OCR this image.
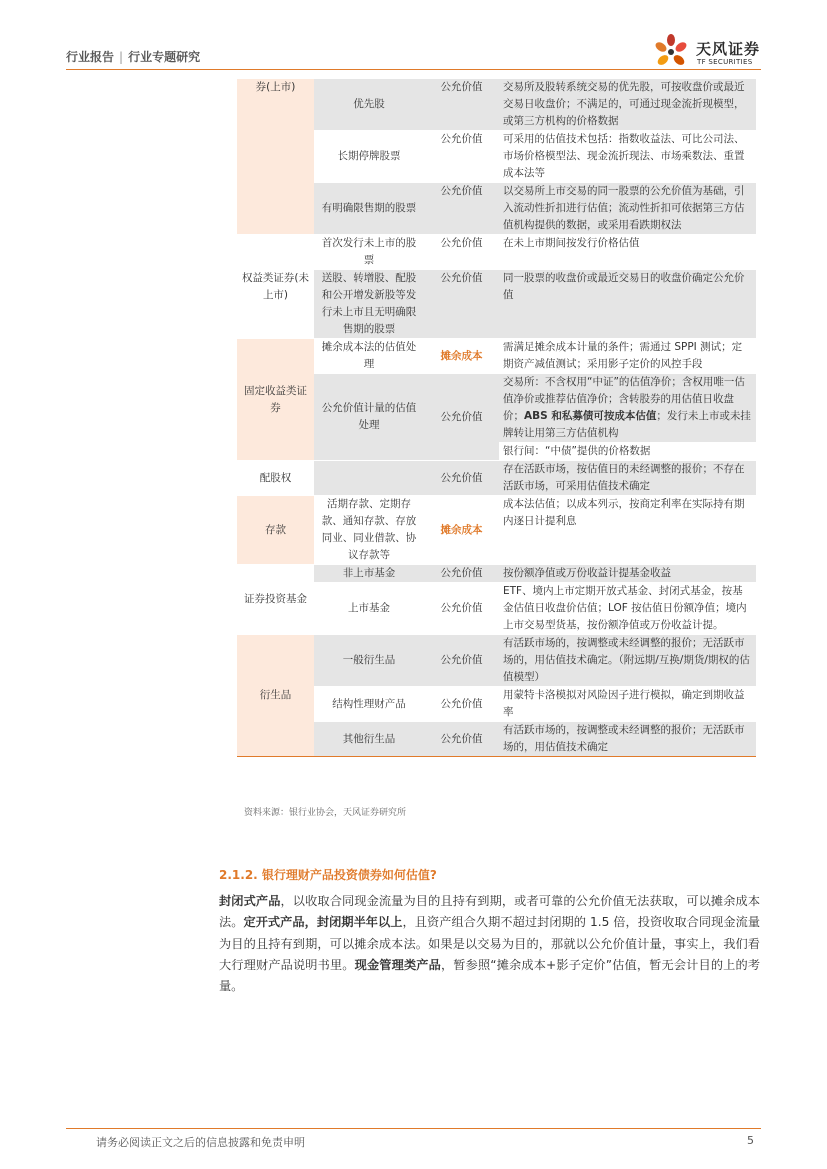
行业报告 | 行业专题研究	天风证券
TF SECURITIES
券(上市)	优先股	公允价值	交易所及股转系统交易的优先股，可按收盘价或最近交易日收盘价；不满足的，可通过现金流折现模型，或第三方机构的价格数据
	长期停牌股票	公允价值	可采用的估值技术包括：指数收益法、可比公司法、市场价格模型法、现金流折现法、市场乘数法、重置成本法等
	有明确限售期的股票	公允价值	以交易所上市交易的同一股票的公允价值为基础，引入流动性折扣进行估值；流动性折扣可依据第三方估值机构提供的数据，或采用看跌期权法
权益类证券(未上市)	首次发行未上市的股票	公允价值	在未上市期间按发行价格估值
	送股、转增股、配股和公开增发新股等发行未上市且无明确限售期的股票	公允价值	同一股票的收盘价或最近交易日的收盘价确定公允价值
固定收益类证券	摊余成本法的估值处理	摊余成本	需满足摊余成本计量的条件；需通过 SPPI 测试；定期资产减值测试；采用影子定价的风控手段
	公允价值计量的估值处理	公允价值	交易所：不含权用“中证”的估值净价；含权用唯一估值净价或推荐估值净价；含转股券的用估值日收盘价；ABS 和私募债可按成本估值；发行未上市或未挂牌转让用第三方估值机构
			银行间：“中债”提供的价格数据
配股权		公允价值	存在活跃市场，按估值日的未经调整的报价；不存在活跃市场，可采用估值技术确定
存款	活期存款、定期存款、通知存款、存放同业、同业借款、协议存款等	摊余成本	成本法估值；以成本列示，按商定利率在实际持有期内逐日计提利息
证券投资基金	非上市基金	公允价值	按份额净值或万份收益计提基金收益
	上市基金	公允价值	ETF、境内上市定期开放式基金、封闭式基金，按基金估值日收盘价估值；LOF 按估值日份额净值；境内上市交易型货基，按份额净值或万份收益计提。
衍生品	一般衍生品	公允价值	有活跃市场的，按调整或未经调整的报价；无活跃市场的，用估值技术确定。（附远期/互换/期货/期权的估值模型）
	结构性理财产品	公允价值	用蒙特卡洛模拟对风险因子进行模拟，确定到期收益率
	其他衍生品	公允价值	有活跃市场的，按调整或未经调整的报价；无活跃市场的，用估值技术确定
资料来源：银行业协会，天风证券研究所
2.1.2. 银行理财产品投资债券如何估值?
封闭式产品，以收取合同现金流量为目的且持有到期，或者可靠的公允价值无法获取，可以摊余成本法。定开式产品，封闭期半年以上，且资产组合久期不超过封闭期的 1.5 倍，投资收取合同现金流量为目的且持有到期，可以摊余成本法。如果是以交易为目的，那就以公允价值计量，事实上，我们看大行理财产品说明书里。现金管理类产品，暂参照“摊余成本+影子定价”估值，暂无会计目的上的考量。
请务必阅读正文之后的信息披露和免责申明	5
